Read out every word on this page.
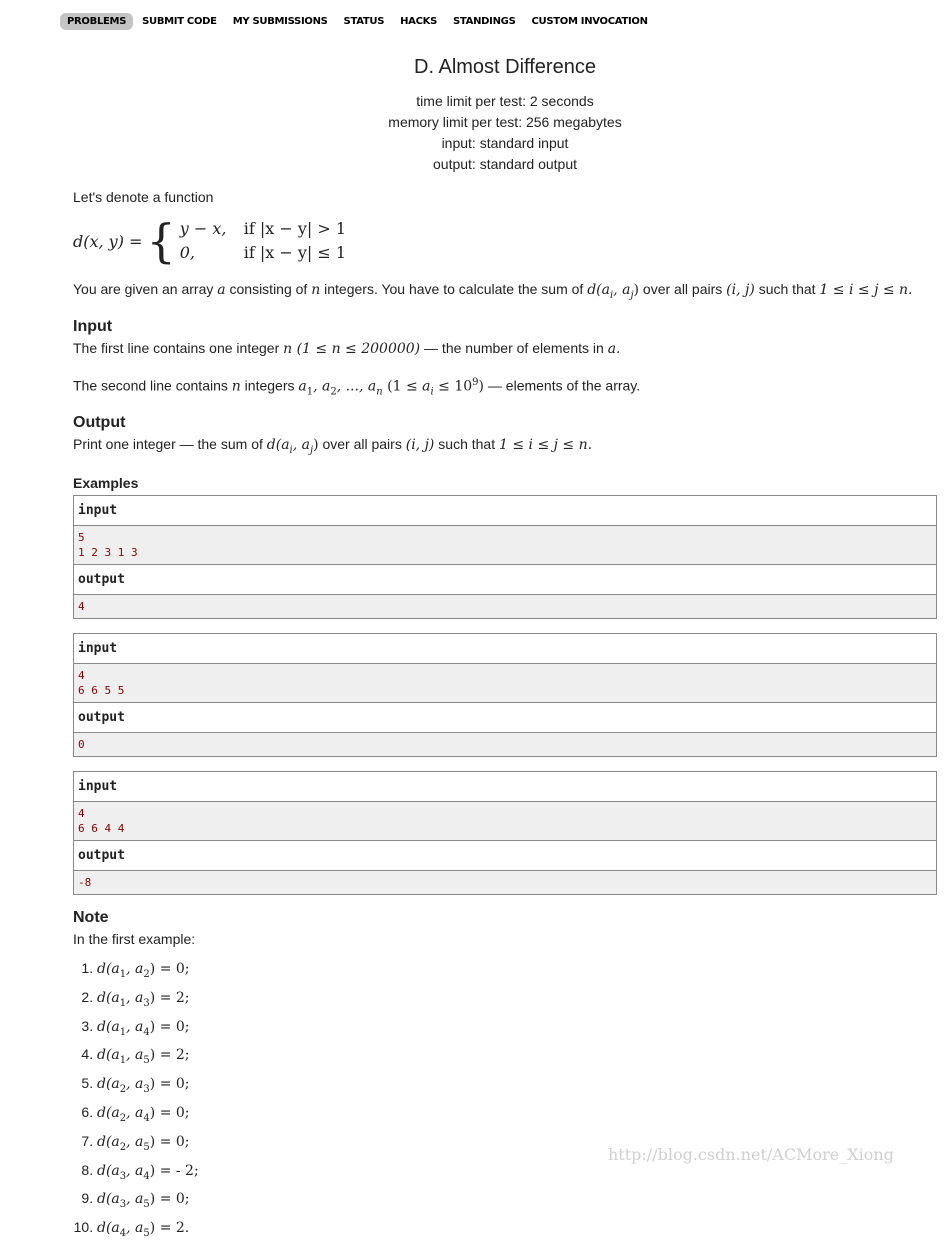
PROBLEMS	SUBMIT CODE	MY SUBMISSIONS	STATUS	HACKS	STANDINGS	CUSTOM INVOCATION
D. Almost Difference
time limit per test: 2 seconds
memory limit per test: 256 megabytes
input: standard input
output: standard output

Let's denote a function

d(x, y) = { y − x,	if |x − y| > 1
0,	if |x − y| ≤ 1

You are given an array a consisting of n integers. You have to calculate the sum of $d(a_i$, $a_j$) over all pairs (i, j) such that 1 ≤ i ≤ j ≤ n.

Input

The first line contains one integer n (1 ≤ n ≤ 200000) — the number of elements in a.

The second line contains n integers $a_1$, $a_2$, ..., $a_n$ $(1 \le a_i \le 10^9)$ — elements of the array.

Output

Print one integer — the sum of $d(a_i$, $a_j$) over all pairs (i, j) such that 1 ≤ i ≤ j ≤ n.

Examples
input
5
1 2 3 1 3
output
4
input
4
6 6 5 5
output
0
input
4
6 6 4 4
output
-8
Note

In the first example:

1. $d(a_1$, $a_2) = 0$;
2. $d(a_1$, $a_3) = 2$;
3. $d(a_1$, $a_4) = 0$;
4. $d(a_1$, $a_5) = 2$;
5. $d(a_2$, $a_3) = 0$;
6. $d(a_2$, $a_4) = 0$;
7. $d(a_2$, $a_5) = 0$;
8. $d(a_3$, $a_4$) = - 2;
9. $d(a_3$, $a_5) = 0$;
10. $d(a_4$, $a_5) = 2$.
http://blog.csdn.net/ACMore_Xiong
